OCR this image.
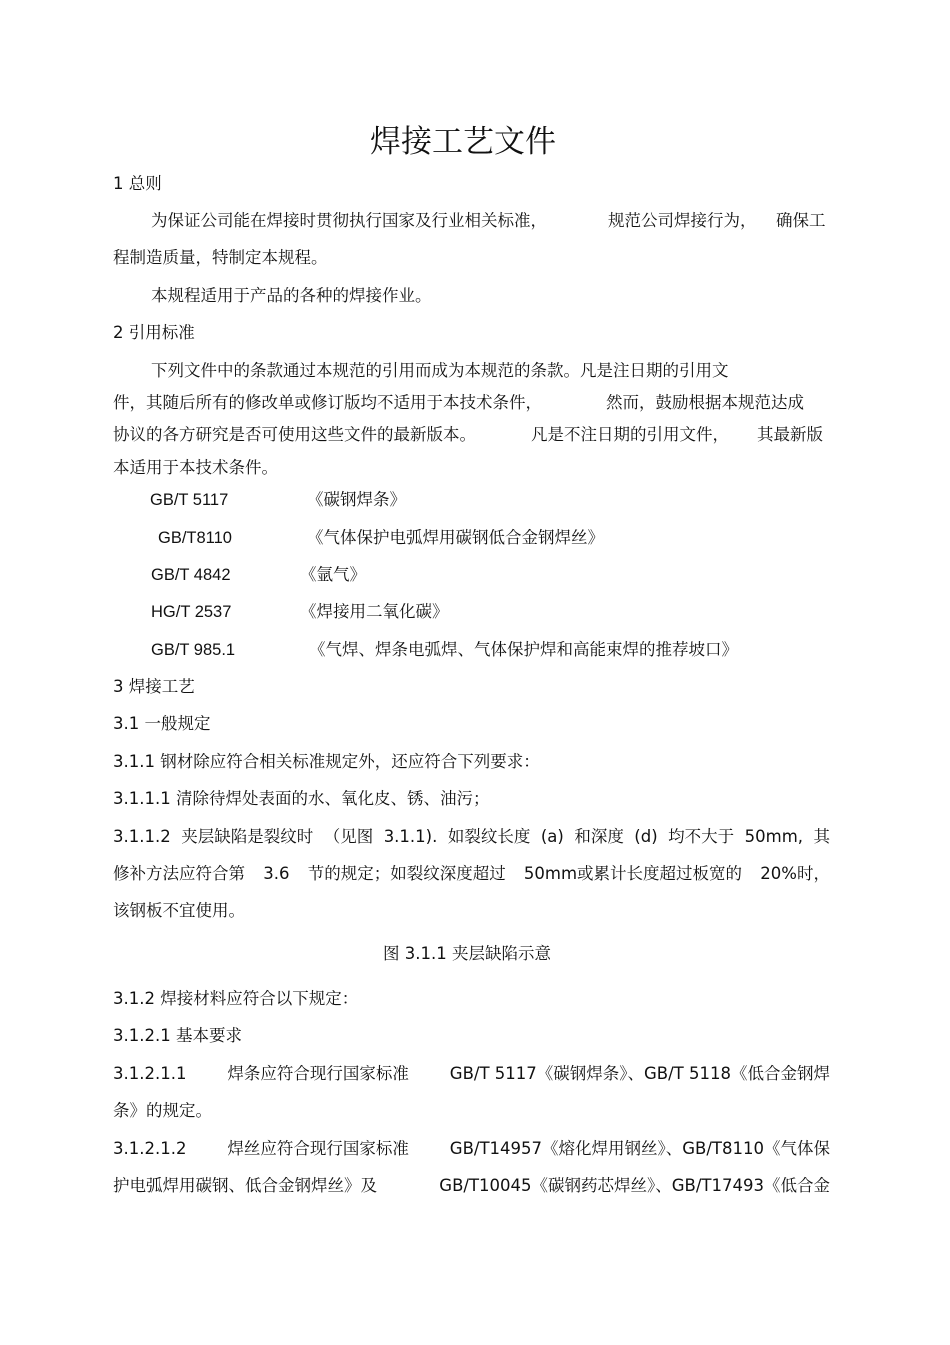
焊接工艺文件
1 总则
为保证公司能在焊接时贯彻执行国家及行业相关标准，	规范公司焊接行为， 确保工
程制造质量，特制定本规程。
本规程适用于产品的各种的焊接作业。
2 引用标准
下列文件中的条款通过本规范的引用而成为本规范的条款。凡是注日期的引用文
件，其随后所有的修改单或修订版均不适用于本技术条件，	然而，鼓励根据本规范达成
协议的各方研究是否可使用这些文件的最新版本。	凡是不注日期的引用文件， 其最新版
本适用于本技术条件。
GB/T 5117	《碳钢焊条》
GB/T8110	《气体保护电弧焊用碳钢低合金钢焊丝》
GB/T 4842	《氩气》
HG/T 2537	《焊接用二氧化碳》
GB/T 985.1	《气焊、焊条电弧焊、气体保护焊和高能束焊的推荐坡口》
3 焊接工艺
3.1 一般规定
3.1.1 钢材除应符合相关标准规定外，还应符合下列要求：
3.1.1.1 清除待焊处表面的水、氧化皮、锈、油污；
3.1.1.2 夹层缺陷是裂纹时 （见图 3.1.1). 如裂纹长度 (a) 和深度 (d) 均不大于 50mm, 其
修补方法应符合第 3.6 节的规定；如裂纹深度超过 50mm或累计长度超过板宽的 20%时，
该钢板不宜使用。
图 3.1.1 夹层缺陷示意
3.1.2 焊接材料应符合以下规定：
3.1.2.1 基本要求
3.1.2.1.1 焊条应符合现行国家标准 GB/T 5117《碳钢焊条》、GB/T 5118《低合金钢焊
条》的规定。
3.1.2.1.2 焊丝应符合现行国家标准 GB/T14957《熔化焊用钢丝》、GB/T8110《气体保
护电弧焊用碳钢、低合金钢焊丝》及	GB/T10045《碳钢药芯焊丝》、GB/T17493《低合金
